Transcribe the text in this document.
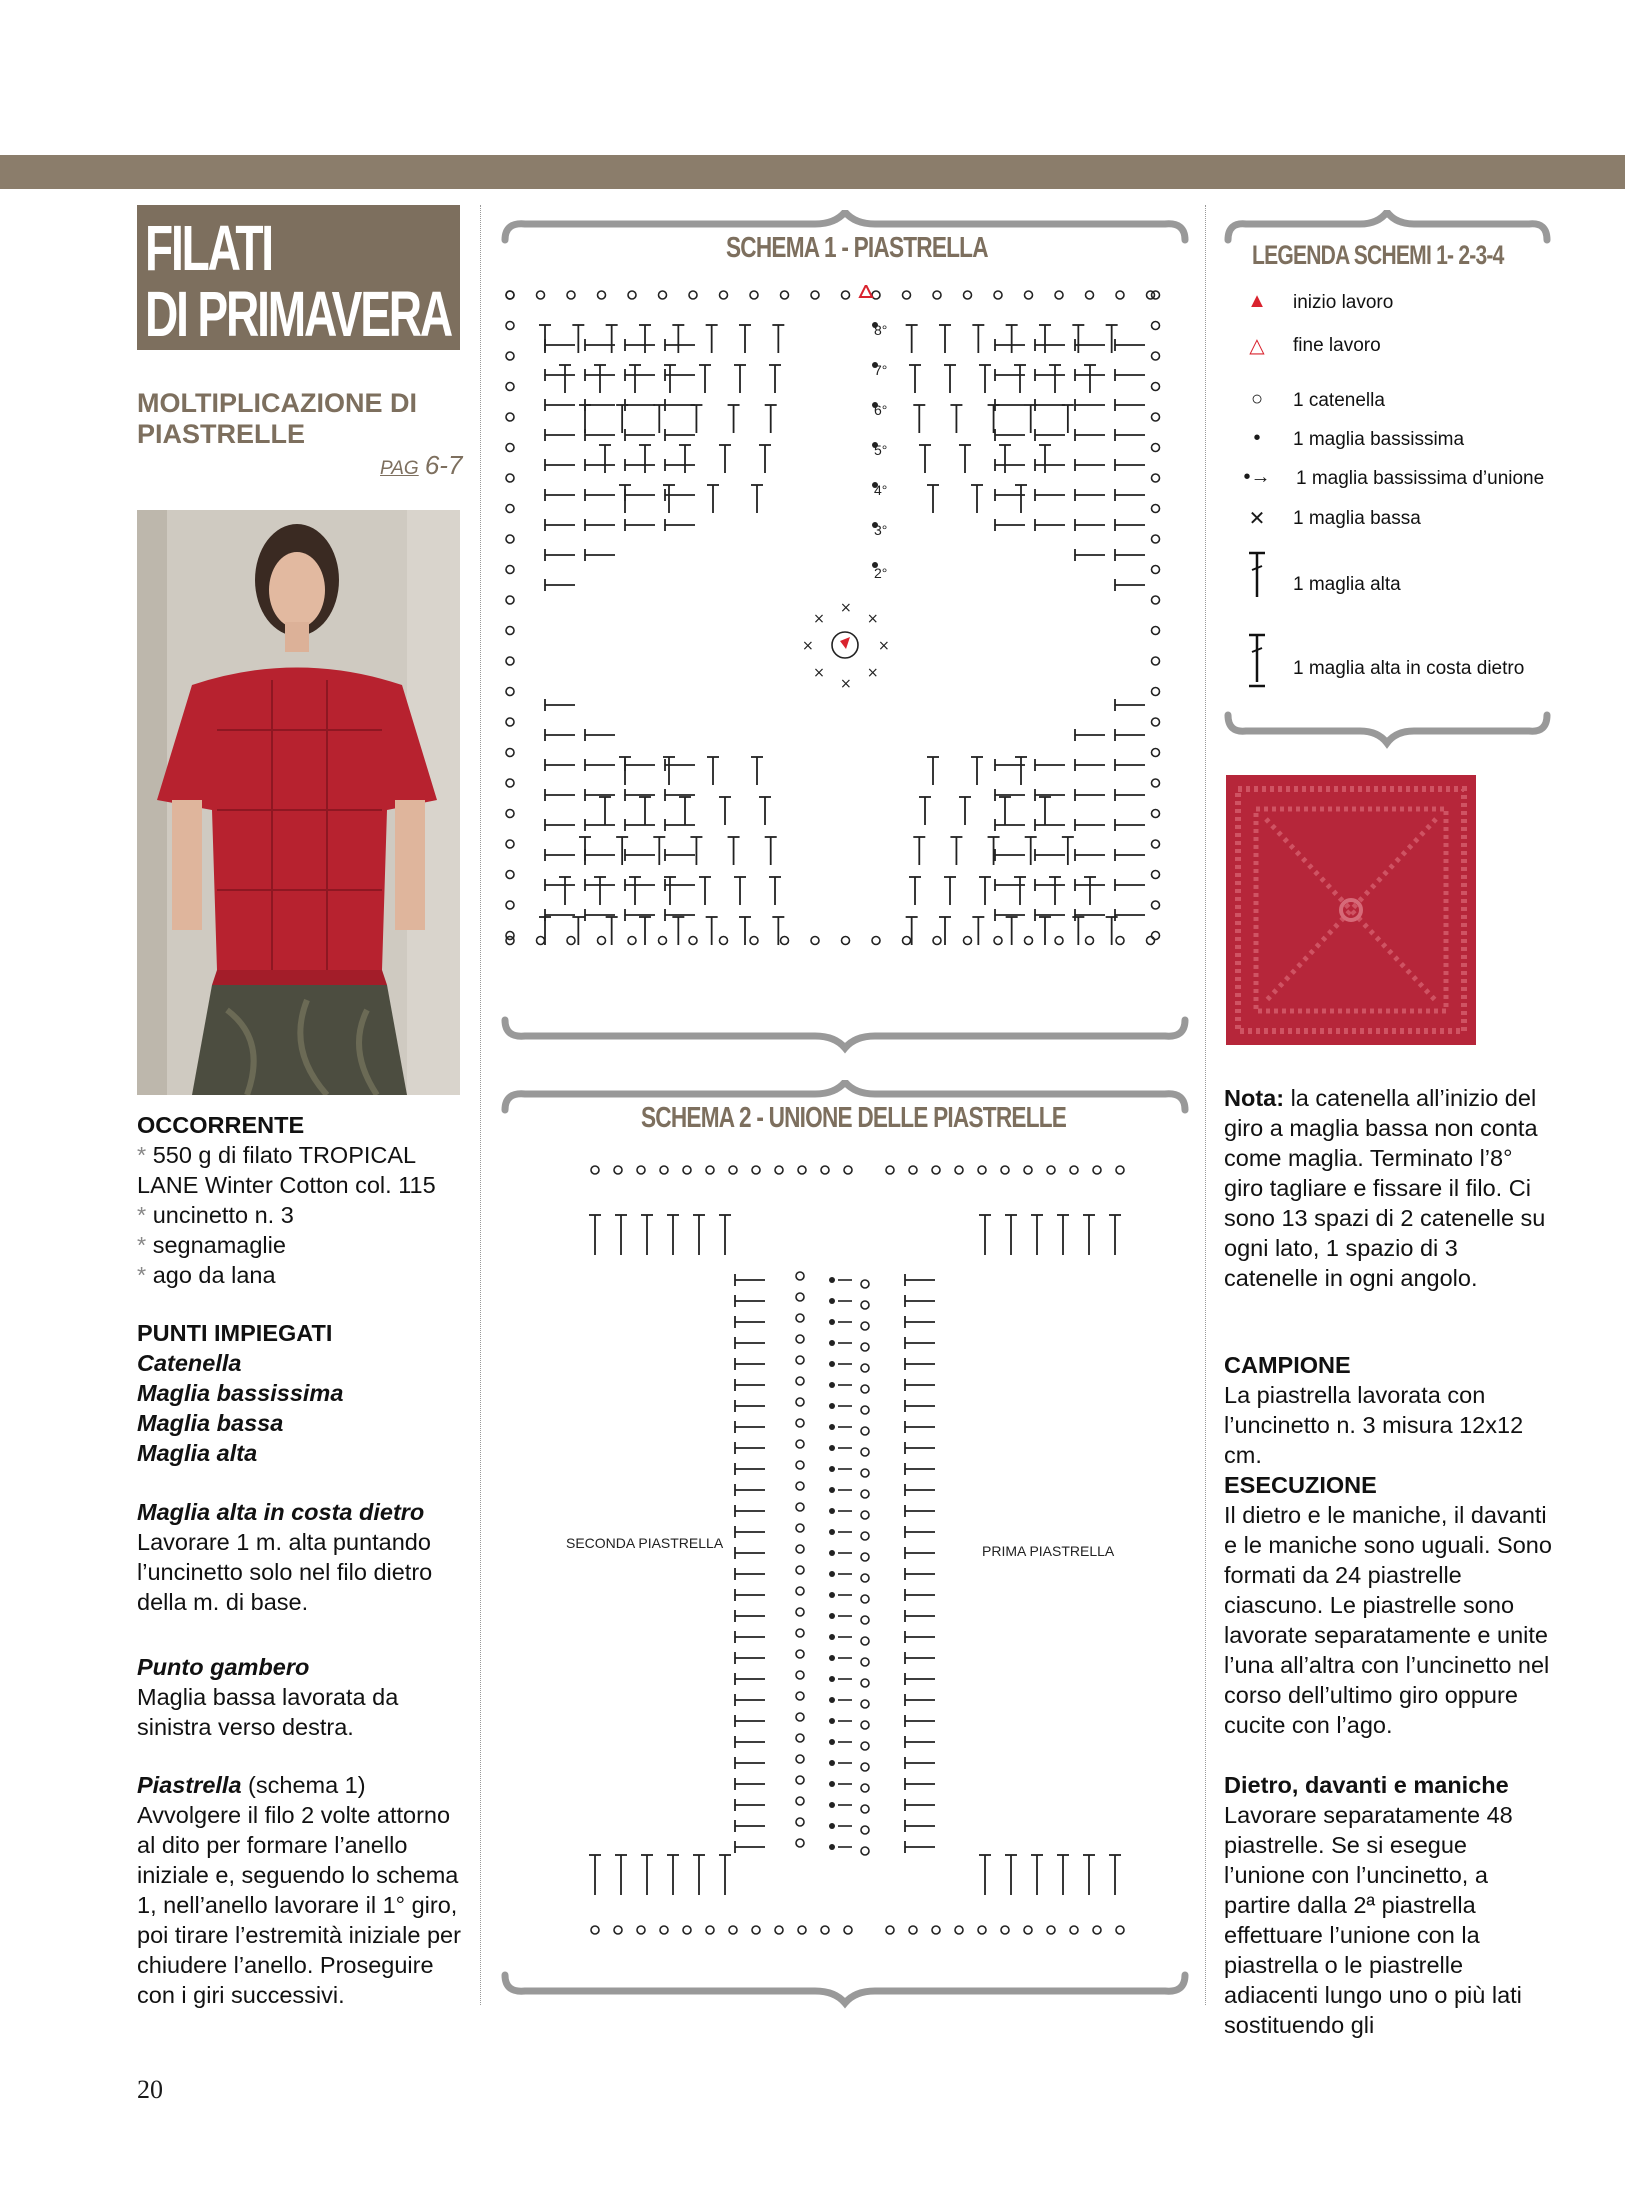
FILATI
DI PRIMAVERA
MOLTIPLICAZIONE DI PIASTRELLE
PAG 6-7
OCCORRENTE
* 550 g di filato TROPICAL LANE Winter Cotton col. 115
* uncinetto n. 3
* segnamaglie
* ago da lana
PUNTI IMPIEGATI
Catenella
Maglia bassissima
Maglia bassa
Maglia alta
Maglia alta in costa dietro
Lavorare 1 m. alta puntando l’uncinetto solo nel filo dietro della m. di base.
Punto gambero
Maglia bassa lavorata da sinistra verso destra.
Piastrella (schema 1)
Avvolgere il filo 2 volte attorno al dito per formare l’anello iniziale e, seguendo lo schema 1, nell’anello lavorare il 1° giro, poi tirare l’estremità iniziale per chiudere l’anello. Proseguire con i giri successivi.
20
SCHEMA 1 - PIASTRELLA
×
×
×
×
×
×
×
×
8°
7°
6°
5°
4°
3°
2°
SCHEMA 2 - UNIONE DELLE PIASTRELLE
SECONDA PIASTRELLA	PRIMA PIASTRELLA
LEGENDA SCHEMI 1- 2-3-4
▲ inizio lavoro
△ fine lavoro
○	1 catenella
•	1 maglia bassissima
•→ 1 maglia bassissima d’unione
✕ 1 maglia bassa
1 maglia alta
1 maglia alta in costa dietro
Nota: la catenella all’inizio del giro a maglia bassa non conta come maglia. Terminato l’8° giro tagliare e fissare il filo. Ci sono 13 spazi di 2 catenelle su ogni lato, 1 spazio di 3 catenelle in ogni angolo.
CAMPIONE
La piastrella lavorata con l’uncinetto n. 3 misura 12x12 cm.
ESECUZIONE
Il dietro e le maniche, il davanti e le maniche sono uguali. Sono formati da 24 piastrelle ciascuno. Le piastrelle sono lavorate separatamente e unite l’una all’altra con l’uncinetto nel corso dell’ultimo giro oppure cucite con l’ago.
Dietro, davanti e maniche
Lavorare separatamente 48 piastrelle. Se si esegue l’unione con l’uncinetto, a partire dalla 2ª piastrella effettuare l’unione con la piastrella o le piastrelle adiacenti lungo uno o più lati sostituendo gli
